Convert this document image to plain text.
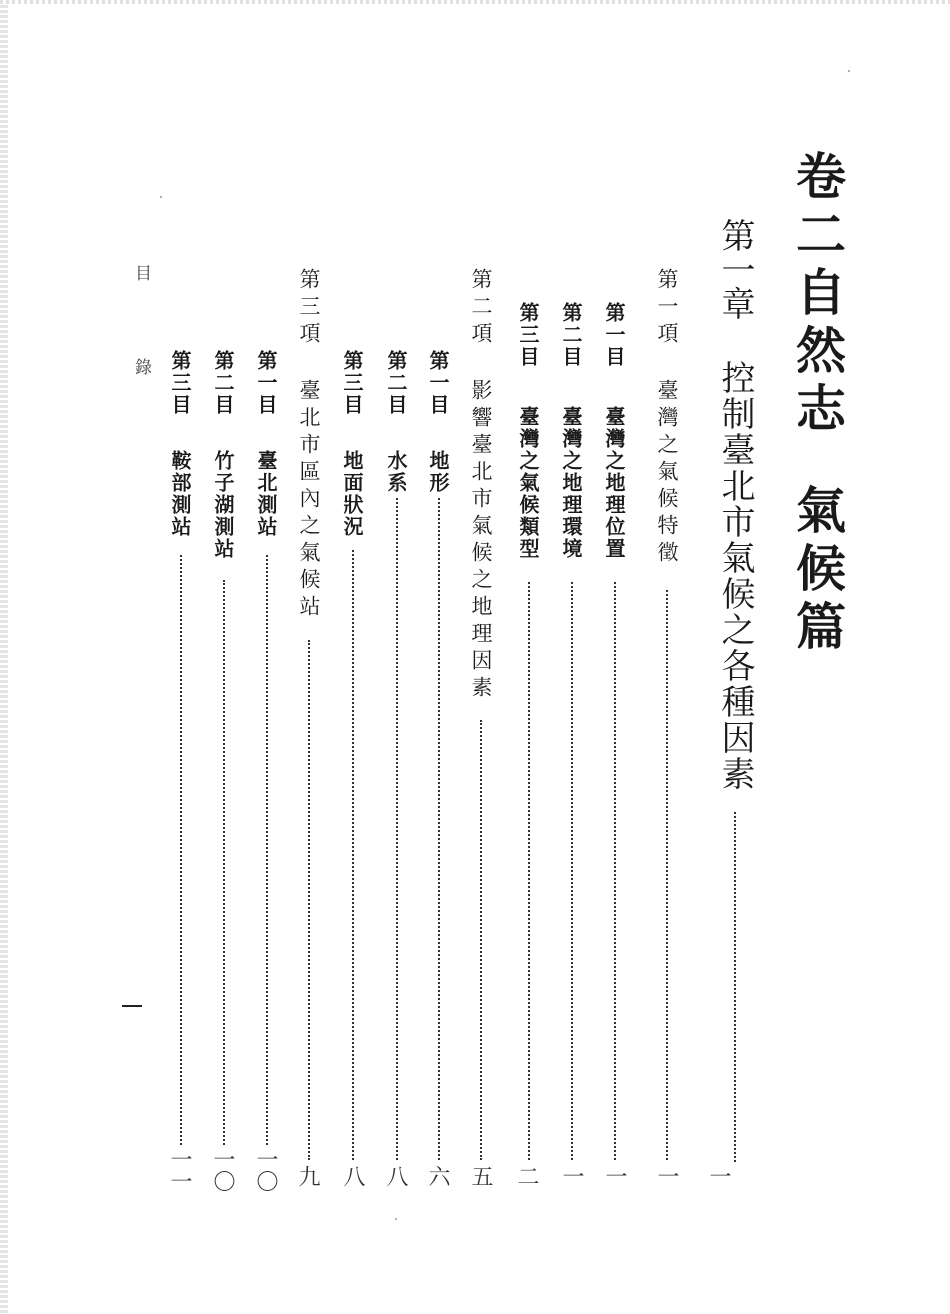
卷二自然志氣候篇
第一章控制臺北市氣候之各種因素
一
第一項臺灣之氣候特徵
一
第一目臺灣之地理位置
一
第二目臺灣之地理環境
一
第三目臺灣之氣候類型
二
第二項影響臺北市氣候之地理因素
五
第一目地形
六
第二目水系
八
第三目地面狀況
八
第三項臺北市區內之氣候站
九
第一目臺北測站
一〇
第二目竹子湖測站
一〇
第三目鞍部測站
一一
目
錄
